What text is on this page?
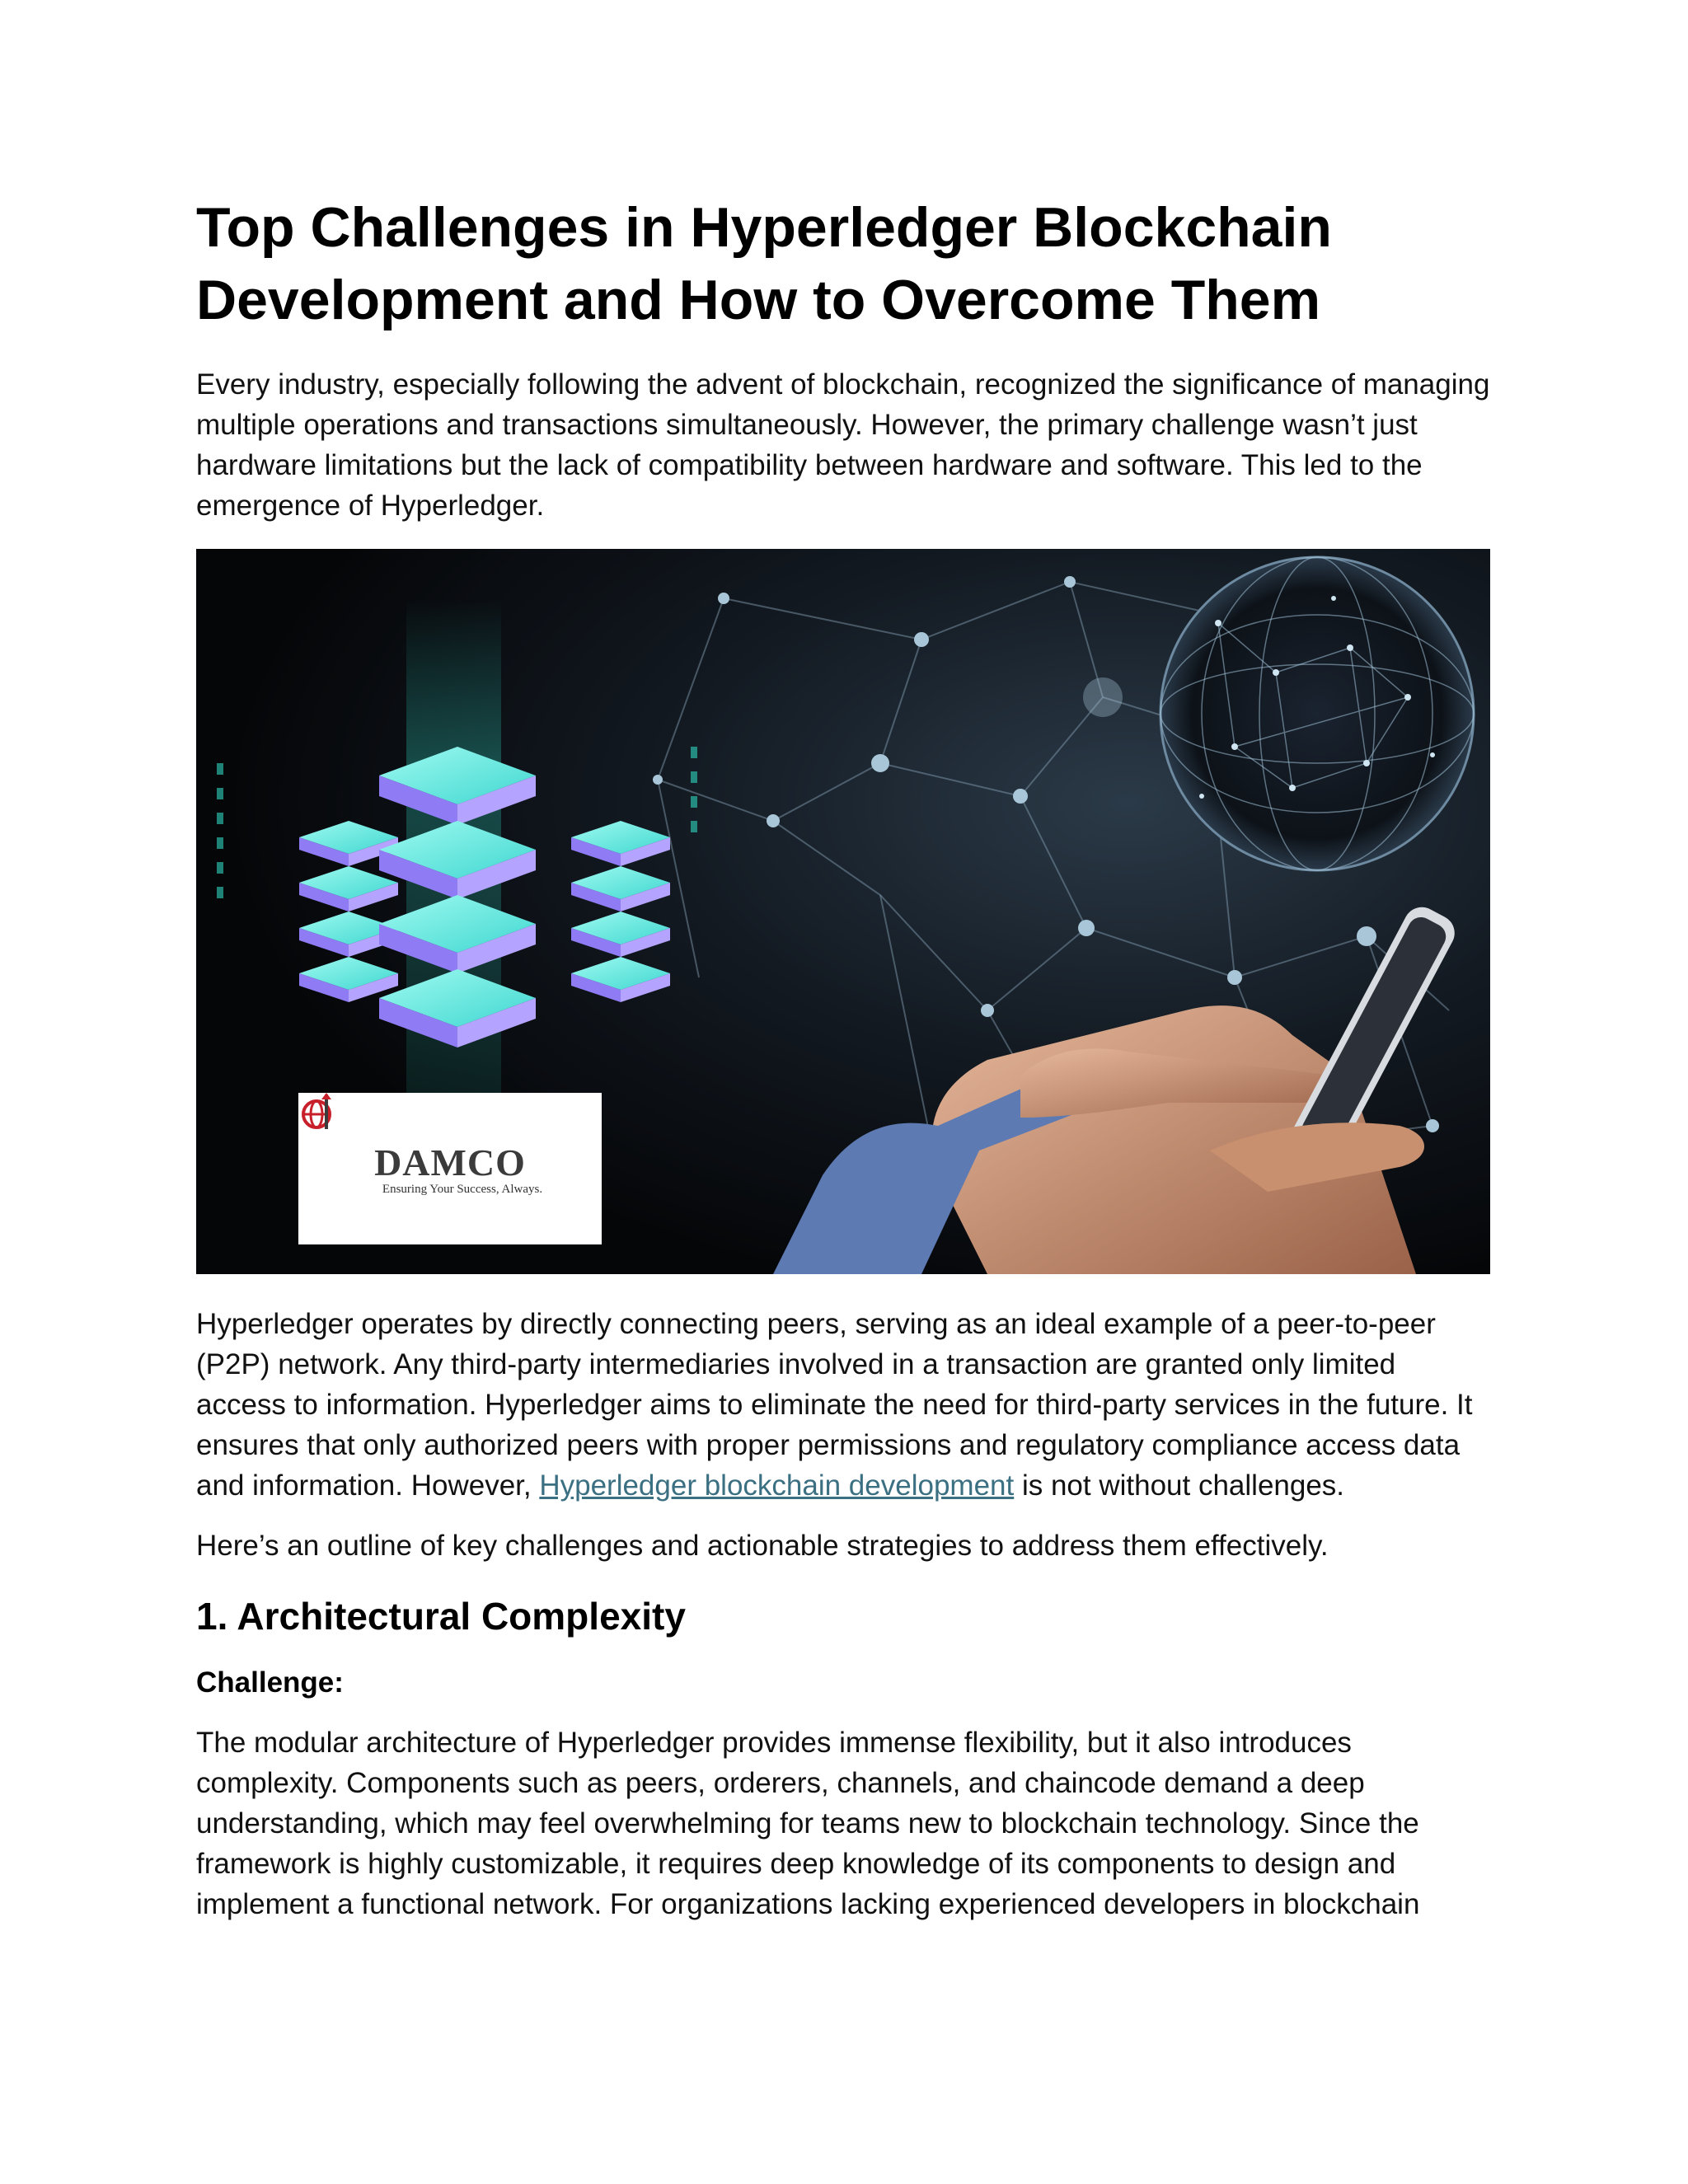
Top Challenges in Hyperledger Blockchain Development and How to Overcome Them

Every industry, especially following the advent of blockchain, recognized the significance of managing multiple operations and transactions simultaneously. However, the primary challenge wasn’t just hardware limitations but the lack of compatibility between hardware and software. This led to the emergence of Hyperledger.

DAMCO
Ensuring Your Success, Always.

Hyperledger operates by directly connecting peers, serving as an ideal example of a peer-to-peer (P2P) network. Any third-party intermediaries involved in a transaction are granted only limited access to information. Hyperledger aims to eliminate the need for third-party services in the future. It ensures that only authorized peers with proper permissions and regulatory compliance access data and information. However, Hyperledger blockchain development is not without challenges.

Here’s an outline of key challenges and actionable strategies to address them effectively.

1. Architectural Complexity
Challenge:

The modular architecture of Hyperledger provides immense flexibility, but it also introduces complexity. Components such as peers, orderers, channels, and chaincode demand a deep understanding, which may feel overwhelming for teams new to blockchain technology. Since the framework is highly customizable, it requires deep knowledge of its components to design and implement a functional network. For organizations lacking experienced developers in blockchain
